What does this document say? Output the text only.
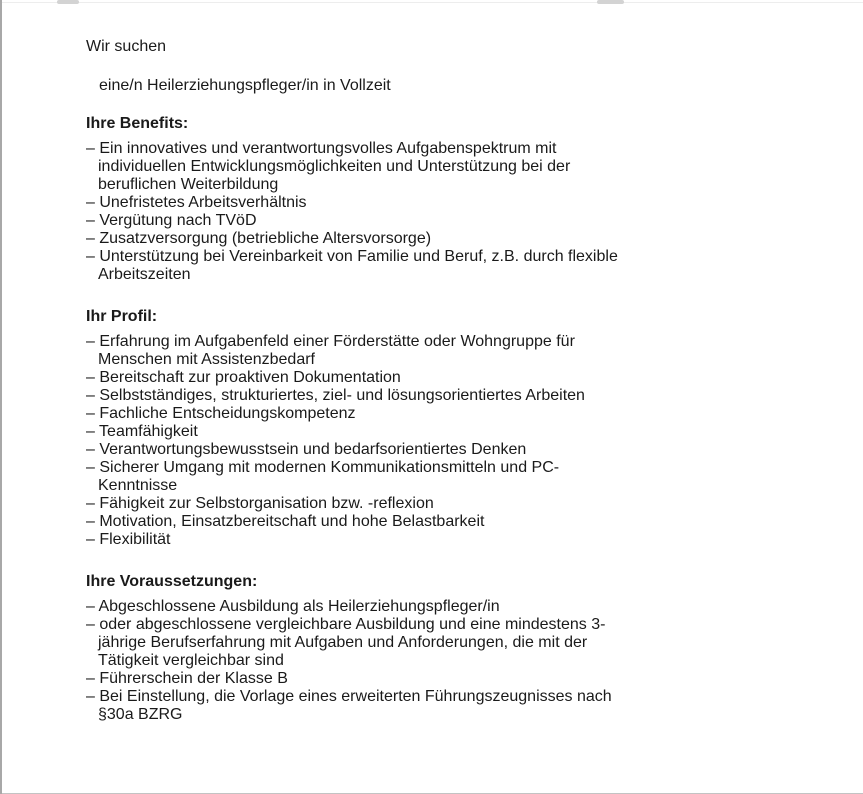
Wir suchen

eine/n Heilerziehungspfleger/in in Vollzeit

Ihre Benefits:
– Ein innovatives und verantwortungsvolles Aufgabenspektrum mit individuellen Entwicklungsmöglichkeiten und Unterstützung bei der beruflichen Weiterbildung
– Unefristetes Arbeitsverhältnis
– Vergütung nach TVöD
– Zusatzversorgung (betriebliche Altersvorsorge)
– Unterstützung bei Vereinbarkeit von Familie und Beruf, z.B. durch flexible Arbeitszeiten
Ihr Profil:
– Erfahrung im Aufgabenfeld einer Förderstätte oder Wohngruppe für Menschen mit Assistenzbedarf
– Bereitschaft zur proaktiven Dokumentation
– Selbstständiges, strukturiertes, ziel- und lösungsorientiertes Arbeiten
– Fachliche Entscheidungskompetenz
– Teamfähigkeit
– Verantwortungsbewusstsein und bedarfsorientiertes Denken
– Sicherer Umgang mit modernen Kommunikationsmitteln und PC-Kenntnisse
– Fähigkeit zur Selbstorganisation bzw. -reflexion
– Motivation, Einsatzbereitschaft und hohe Belastbarkeit
– Flexibilität
Ihre Voraussetzungen:
– Abgeschlossene Ausbildung als Heilerziehungspfleger/in
– oder abgeschlossene vergleichbare Ausbildung und eine mindestens 3-jährige Berufserfahrung mit Aufgaben und Anforderungen, die mit der Tätigkeit vergleichbar sind
– Führerschein der Klasse B
– Bei Einstellung, die Vorlage eines erweiterten Führungszeugnisses nach §30a BZRG
